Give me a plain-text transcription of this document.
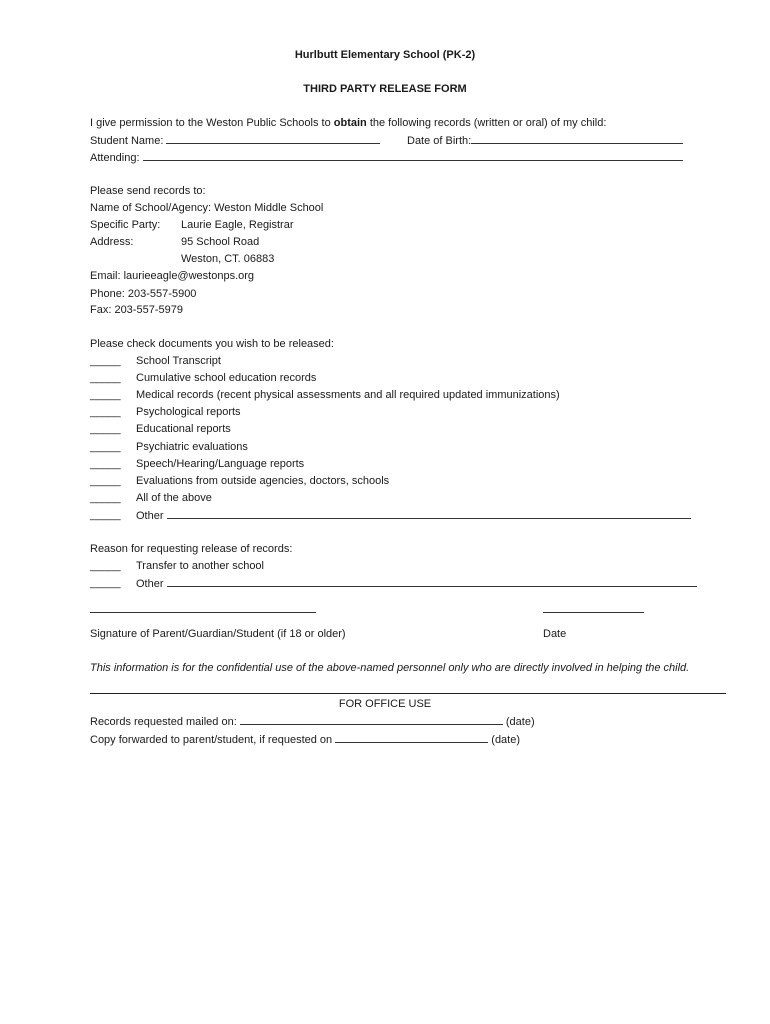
Hurlbutt Elementary School (PK-2)
THIRD PARTY RELEASE FORM
I give permission to the Weston Public Schools to obtain the following records (written or oral) of my child:
Student Name:	Date of Birth:
Attending:
Please send records to:
Name of School/Agency: Weston Middle School
Specific Party: Laurie Eagle, Registrar
Address:	95 School Road
Weston, CT. 06883
Email: laurieeagle@westonps.org
Phone: 203-557-5900
Fax: 203-557-5979
Please check documents you wish to be released:
_____ School Transcript
_____ Cumulative school education records
_____ Medical records (recent physical assessments and all required updated immunizations)
_____ Psychological reports
_____ Educational reports
_____ Psychiatric evaluations
_____ Speech/Hearing/Language reports
_____ Evaluations from outside agencies, doctors, schools
_____ All of the above
_____ Other
Reason for requesting release of records:
_____ Transfer to another school
_____ Other
Signature of Parent/Guardian/Student (if 18 or older)	Date
This information is for the confidential use of the above-named personnel only who are directly involved in helping the child.
FOR OFFICE USE
Records requested mailed on:	(date)
Copy forwarded to parent/student, if requested on	(date)
